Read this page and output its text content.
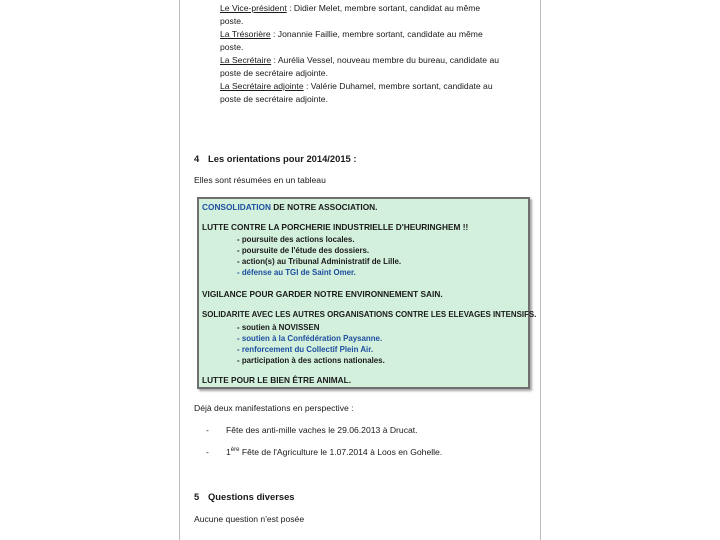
Le Vice-président : Didier Melet, membre sortant, candidat au même
poste.
La Trésorière : Jonannie Faillie, membre sortant, candidate au même
poste.
La Secrétaire : Aurélia Vessel, nouveau membre du bureau, candidate au
poste de secrétaire adjointe.
La Secrétaire adjointe : Valérie Duhamel, membre sortant, candidate au
poste de secrétaire adjointe.
4 Les orientations pour 2014/2015 :
Elles sont résumées en un tableau
CONSOLIDATION DE NOTRE ASSOCIATION.
LUTTE CONTRE LA PORCHERIE INDUSTRIELLE D'HEURINGHEM !!
- poursuite des actions locales.
- poursuite de l'étude des dossiers.
- action(s) au Tribunal Administratif de Lille.
- défense au TGI de Saint Omer.
VIGILANCE POUR GARDER NOTRE ENVIRONNEMENT SAIN.
SOLIDARITE AVEC LES AUTRES ORGANISATIONS CONTRE LES ELEVAGES INTENSIFS.
- soutien à NOVISSEN
- soutien à la Confédération Paysanne.
- renforcement du Collectif Plein Air.
- participation à des actions nationales.
LUTTE POUR LE BIEN ÊTRE ANIMAL.
Déjà deux manifestations en perspective :
- Fête des anti-mille vaches le 29.06.2013 à Drucat.
- 1ère Fête de l'Agriculture le 1.07.2014 à Loos en Gohelle.
5 Questions diverses
Aucune question n'est posée
